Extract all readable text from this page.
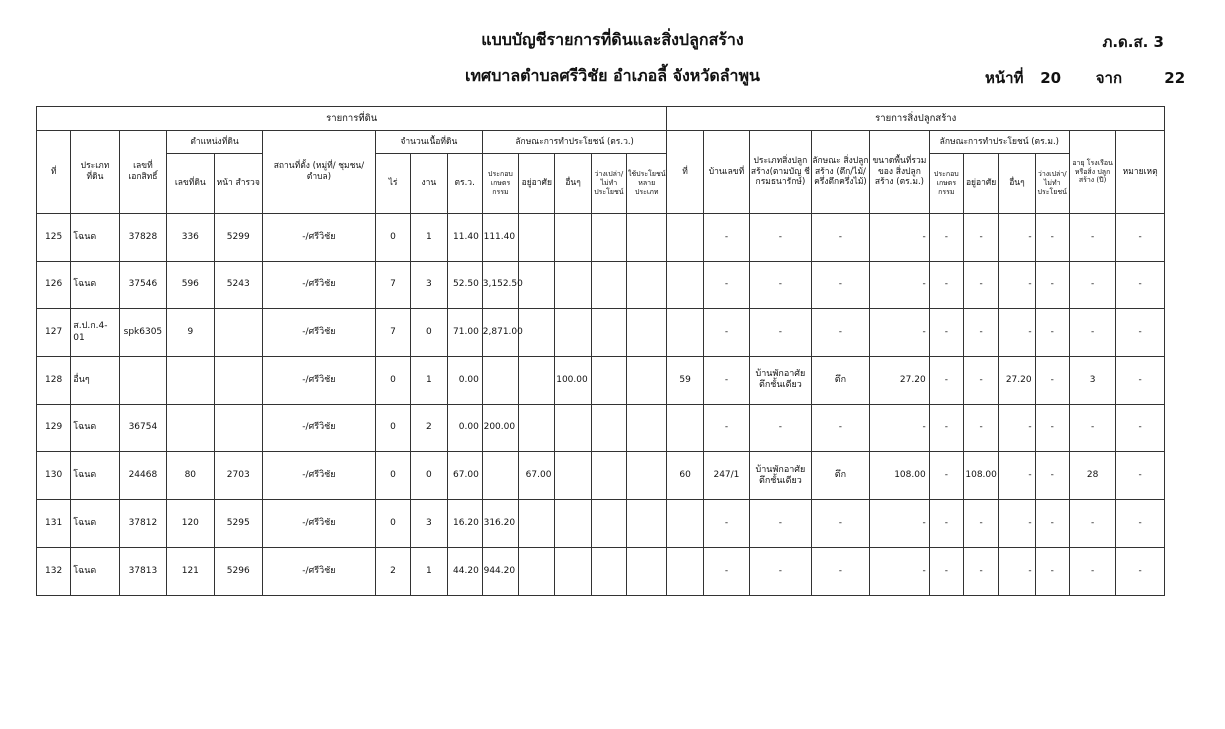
แบบบัญชีรายการที่ดินและสิ่งปลูกสร้าง
เทศบาลตำบลศรีวิชัย อำเภอลี้ จังหวัดลำพูน
ภ.ด.ส. 3
หน้าที่ 20 จาก	22
รายการที่ดิน														รายการสิ่งปลูกสร้าง										
ที่	ประเภท ที่ดิน	เลขที่ เอกสิทธิ์	ตำแหน่งที่ดิน		สถานที่ตั้ง (หมู่ที่/ ชุมชน/ ตำบล)	จำนวนเนื้อที่ดิน			ลักษณะการทำประโยชน์ (ตร.ว.)					ที่	บ้านเลขที่	ประเภทสิ่งปลูก สร้าง(ตามบัญ ชีกรมธนารักษ์)	ลักษณะ สิ่งปลูกสร้าง (ตึก/ไม้/ ครึ่งตึกครึ่งไม้)	ขนาดพื้นที่รวม ของ สิ่งปลูกสร้าง (ตร.ม.)	ลักษณะการทำประโยชน์ (ตร.ม.)				อายุ โรงเรือน หรือสิ่ง ปลูกสร้าง (ปี)	หมายเหตุ
			เลขที่ดิน	หน้า สำรวจ		ไร่	งาน	ตร.ว.	ประกอบ เกษตร กรรม	อยู่อาศัย	อื่นๆ	ว่างเปล่า/ ไม่ทำ ประโยชน์	ใช้ประโยชน์ หลาย ประเภท						ประกอบ เกษตร กรรม	อยู่อาศัย	อื่นๆ	ว่างเปล่า/ ไม่ทำ ประโยชน์		
125	โฉนด	37828	336	5299	-/ศรีวิชัย	0	1	11.40	111.40						-	-	-	-	-	-	-	-	-	-
126	โฉนด	37546	596	5243	-/ศรีวิชัย	7	3	52.50	3,152.50						-	-	-	-	-	-	-	-	-	-
127	ส.ป.ก.4-01	spk6305	9		-/ศรีวิชัย	7	0	71.00	2,871.00						-	-	-	-	-	-	-	-	-	-
128	อื่นๆ				-/ศรีวิชัย	0	1	0.00			100.00			59	-	บ้านพักอาศัยตึกชั้นเดียว	ตึก	27.20	-	-	27.20	-	3	-
129	โฉนด	36754			-/ศรีวิชัย	0	2	0.00	200.00						-	-	-	-	-	-	-	-	-	-
130	โฉนด	24468	80	2703	-/ศรีวิชัย	0	0	67.00		67.00				60	247/1	บ้านพักอาศัยตึกชั้นเดียว	ตึก	108.00	-	108.00	-	-	28	-
131	โฉนด	37812	120	5295	-/ศรีวิชัย	0	3	16.20	316.20						-	-	-	-	-	-	-	-	-	-
132	โฉนด	37813	121	5296	-/ศรีวิชัย	2	1	44.20	944.20						-	-	-	-	-	-	-	-	-	-
